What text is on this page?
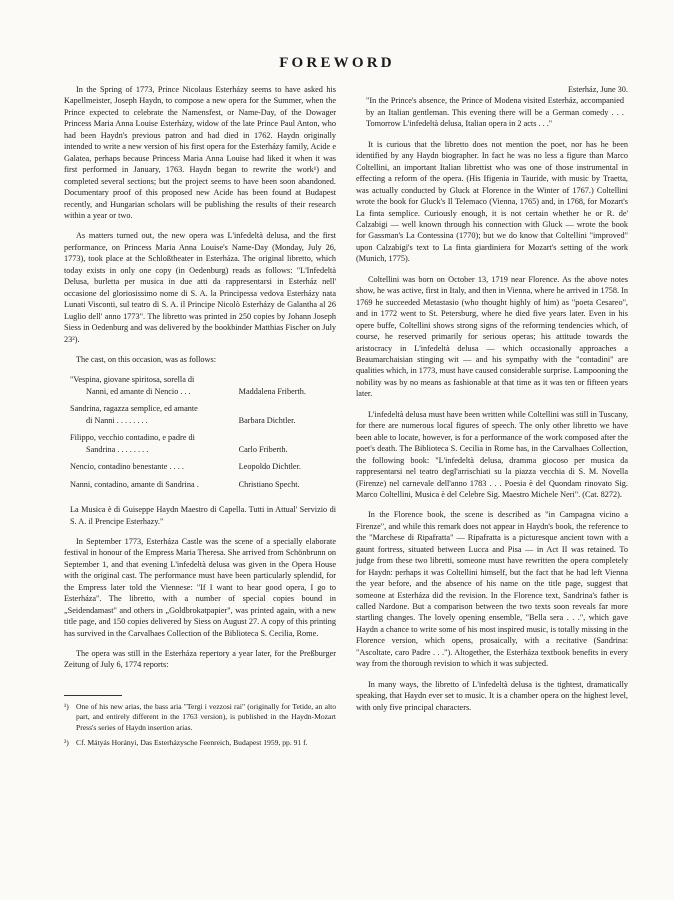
FOREWORD

In the Spring of 1773, Prince Nicolaus Esterházy seems to have asked his Kapellmeister, Joseph Haydn, to compose a new opera for the Summer, when the Prince expected to celebrate the Namensfest, or Name-Day, of the Dowager Princess Maria Anna Louise Esterházy, widow of the late Prince Paul Anton, who had been Haydn's previous patron and had died in 1762. Haydn originally intended to write a new version of his first opera for the Esterházy family, Acide e Galatea, perhaps because Princess Maria Anna Louise had liked it when it was first performed in January, 1763. Haydn began to rewrite the work¹) and completed several sections; but the project seems to have been soon abandoned. Documentary proof of this proposed new Acide has been found at Budapest recently, and Hungarian scholars will be publishing the results of their research within a year or two.

As matters turned out, the new opera was L'infedeltà delusa, and the first performance, on Princess Maria Anna Louise's Name-Day (Monday, July 26, 1773), took place at the Schloßtheater in Esterháza. The original libretto, which today exists in only one copy (in Oedenburg) reads as follows: "L'Infedeltà Delusa, burletta per musica in due atti da rappresentarsi in Esterház nell' occasione del gloriosissimo nome di S. A. la Principessa vedova Esterházy nata Lunati Visconti, sul teatro di S. A. il Principe Nicolò Esterházy de Galantha al 26 Luglio dell' anno 1773". The libretto was printed in 250 copies by Johann Joseph Siess in Oedenburg and was delivered by the bookbinder Matthias Fischer on July 23²).

The cast, on this occasion, was as follows:

"Vespina, giovane spiritosa, sorella di
Nanni, ed amante di Nencio . . .	Maddalena Friberth.
Sandrina, ragazza semplice, ed amante
di Nanni . . . . . . . .	Barbara Dichtler.
Filippo, vecchio contadino, e padre di
Sandrina . . . . . . . .	Carlo Friberth.
Nencio, contadino benestante . . . .	Leopoldo Dichtler.
Nanni, contadino, amante di Sandrina .	Christiano Specht.

La Musica è di Guiseppe Haydn Maestro di Capella. Tutti in Attual' Servizio di S. A. il Prencipe Esterhazy."

In September 1773, Esterháza Castle was the scene of a specially elaborate festival in honour of the Empress Maria Theresa. She arrived from Schönbrunn on September 1, and that evening L'infedeltà delusa was given in the Opera House with the original cast. The performance must have been particularly splendid, for the Empress later told the Viennese: "If I want to hear good opera, I go to Esterháza". The libretto, with a number of special copies bound in „Seidendamast" and others in „Goldbrokatpapier", was printed again, with a new title page, and 150 copies delivered by Siess on August 27. A copy of this printing has survived in the Carvalhaes Collection of the Biblioteca S. Cecilia, Rome.

The opera was still in the Esterháza repertory a year later, for the Preßburger Zeitung of July 6, 1774 reports:

¹) One of his new arias, the bass aria "Tergi i vezzosi rai" (originally for Tetide, an alto part, and entirely different in the 1763 version), is published in the Haydn-Mozart Press's series of Haydn insertion arias.

²) Cf. Mátyás Horányi, Das Esterházysche Feenreich, Budapest 1959, pp. 91 f.

Esterház, June 30.

"In the Prince's absence, the Prince of Modena visited Esterház, accompanied by an Italian gentleman. This evening there will be a German comedy . . . Tomorrow L'infedeltà delusa, Italian opera in 2 acts . . ."

It is curious that the libretto does not mention the poet, nor has he been identified by any Haydn biographer. In fact he was no less a figure than Marco Coltellini, an important Italian librettist who was one of those instrumental in effecting a reform of the opera. (His Ifigenia in Tauride, with music by Traetta, was actually conducted by Gluck at Florence in the Winter of 1767.) Coltellini wrote the book for Gluck's Il Telemaco (Vienna, 1765) and, in 1768, for Mozart's La finta semplice. Curiously enough, it is not certain whether he or R. de' Calzabigi — well known through his connection with Gluck — wrote the book for Gassman's La Contessina (1770); but we do know that Coltellini "improved" upon Calzabigi's text to La finta giardiniera for Mozart's setting of the work (Munich, 1775).

Coltellini was born on October 13, 1719 near Florence. As the above notes show, he was active, first in Italy, and then in Vienna, where he arrived in 1758. In 1769 he succeeded Metastasio (who thought highly of him) as "poeta Cesareo", and in 1772 went to St. Petersburg, where he died five years later. Even in his opere buffe, Coltellini shows strong signs of the reforming tendencies which, of course, he reserved primarily for serious operas; his attitude towards the aristocracy in L'infedeltà delusa — which occasionally approaches a Beaumarchaisian stinging wit — and his sympathy with the "contadini" are qualities which, in 1773, must have caused considerable surprise. Lampooning the nobility was by no means as fashionable at that time as it was ten or fifteen years later.

L'infedeltà delusa must have been written while Coltellini was still in Tuscany, for there are numerous local figures of speech. The only other libretto we have been able to locate, however, is for a performance of the work composed after the poet's death. The Biblioteca S. Cecilia in Rome has, in the Carvalhaes Collection, the following book: "L'infedeltà delusa, dramma giocoso per musica da rappresentarsi nel teatro degl'arrischiati su la piazza vecchia di S. M. Novella (Firenze) nel carnevale dell'anno 1783 . . . Poesia è del Quondam rinovato Sig. Marco Coltellini, Musica è del Celebre Sig. Maestro Michele Neri". (Cat. 8272).

In the Florence book, the scene is described as "in Campagna vicino a Firenze", and while this remark does not appear in Haydn's book, the reference to the "Marchese di Ripafratta" — Ripafratta is a picturesque ancient town with a gaunt fortress, situated between Lucca and Pisa — in Act II was retained. To judge from these two libretti, someone must have rewritten the opera completely for Haydn: perhaps it was Coltellini himself, but the fact that he had left Vienna the year before, and the absence of his name on the title page, suggest that someone at Esterháza did the revision. In the Florence text, Sandrina's father is called Nardone. But a comparison between the two texts soon reveals far more startling changes. The lovely opening ensemble, "Bella sera . . .", which gave Haydn a chance to write some of his most inspired music, is totally missing in the Florence version, which opens, prosaically, with a recitative (Sandrina: "Ascoltate, caro Padre . . ."). Altogether, the Esterháza textbook benefits in every way from the thorough revision to which it was subjected.

In many ways, the libretto of L'infedeltà delusa is the tightest, dramatically speaking, that Haydn ever set to music. It is a chamber opera on the highest level, with only five principal characters.
